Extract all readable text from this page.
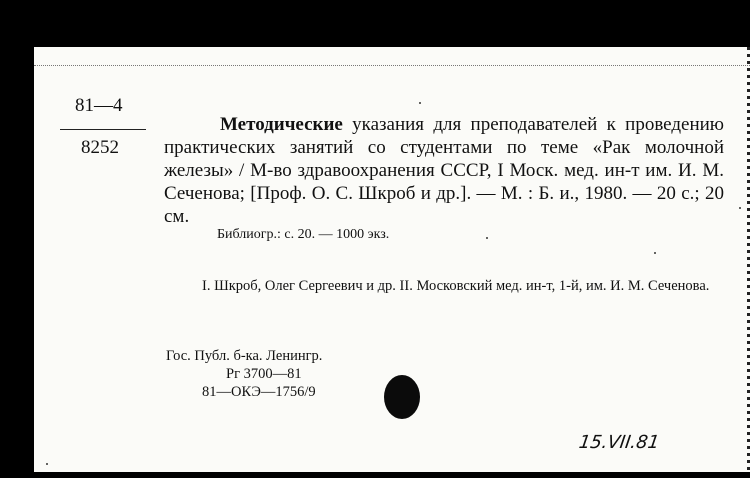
81—4
8252
Методические указания для преподавателей к проведению практических занятий со студентами по теме «Рак молочной железы» / М-во здравоохранения СССР, I Моск. мед. ин-т им. И. М. Сеченова; [Проф. О. С. Шкроб и др.]. — М. : Б. и., 1980. — 20 с.; 20 см.
Библиогр.: с. 20. — 1000 экз.
I. Шкроб, Олег Сергеевич и др. II. Московский мед. ин-т, 1-й, им. И. М. Сеченова.
Гос. Публ. б-ка. Ленингр.
Рг 3700—81
81—ОКЭ—1756/9
15.VII.81
